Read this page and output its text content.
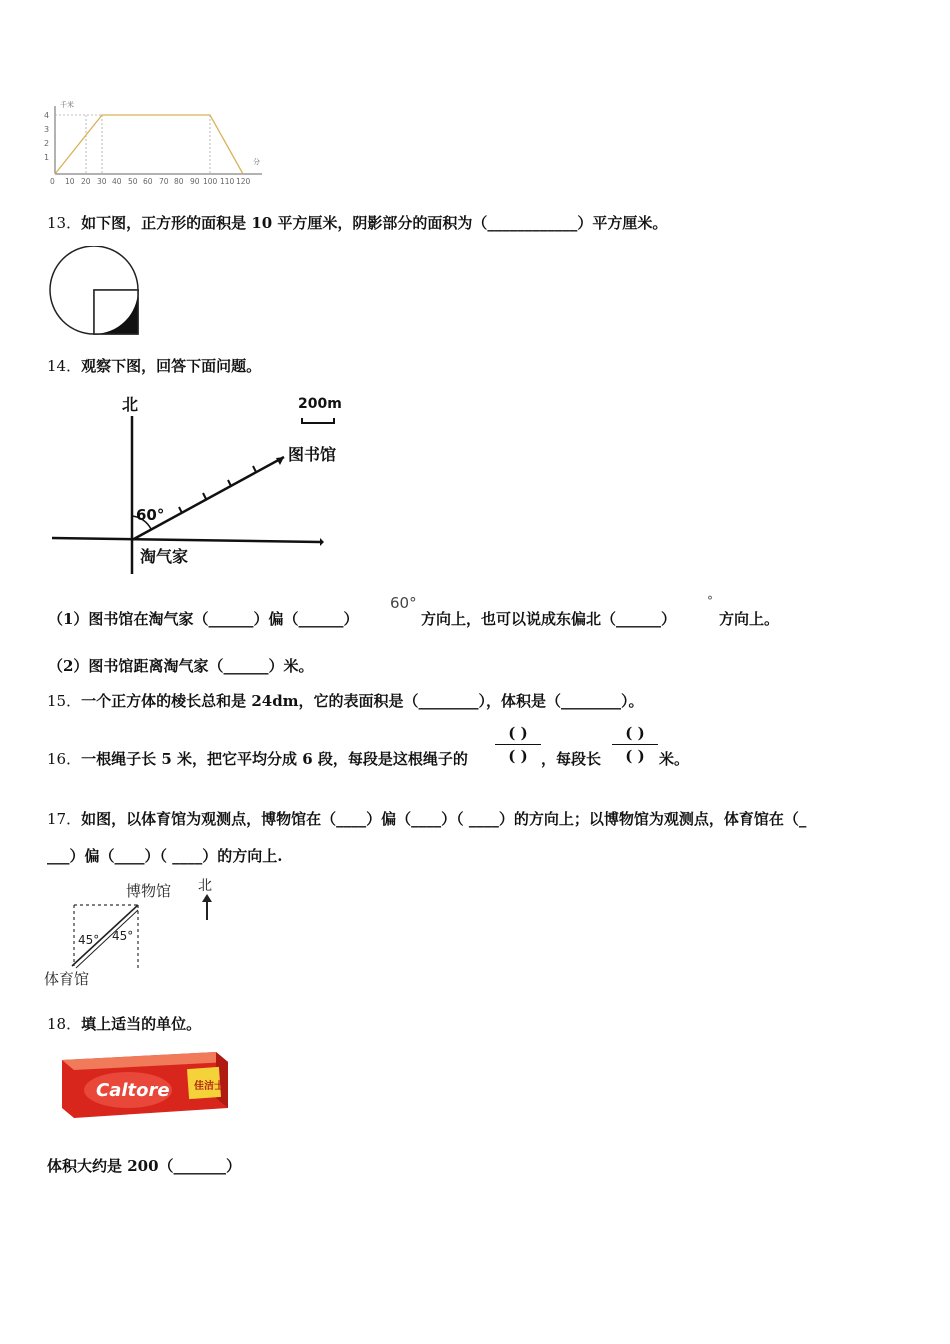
千米
4
3
2
1
0 10 20 30 40 50 60 70 80 90 100 110 120
分
13．如下图，正方形的面积是 10 平方厘米，阴影部分的面积为（____________）平方厘米。
14．观察下图，回答下面问题。
北
60°
图书馆
淘气家
200m
（1）图书馆在淘气家（______）偏（______）
60°
方向上，也可以说成东偏北（______）
°
方向上。
（2）图书馆距离淘气家（______）米。
15．一个正方体的棱长总和是 24dm，它的表面积是（________），体积是（________）。
16．一根绳子长 5 米，把它平均分成 6 段，每段是这根绳子的
( )
( ) ，每段长
( )
( ) 米。
17．如图，以体育馆为观测点，博物馆在（____）偏（____）（ ____）的方向上；以博物馆为观测点，体育馆在（_
___）偏（____）（ ____）的方向上.
博物馆 北
45° 45°
体育馆
18．填上适当的单位。
佳洁士
Caltore
体积大约是 200（_______）
